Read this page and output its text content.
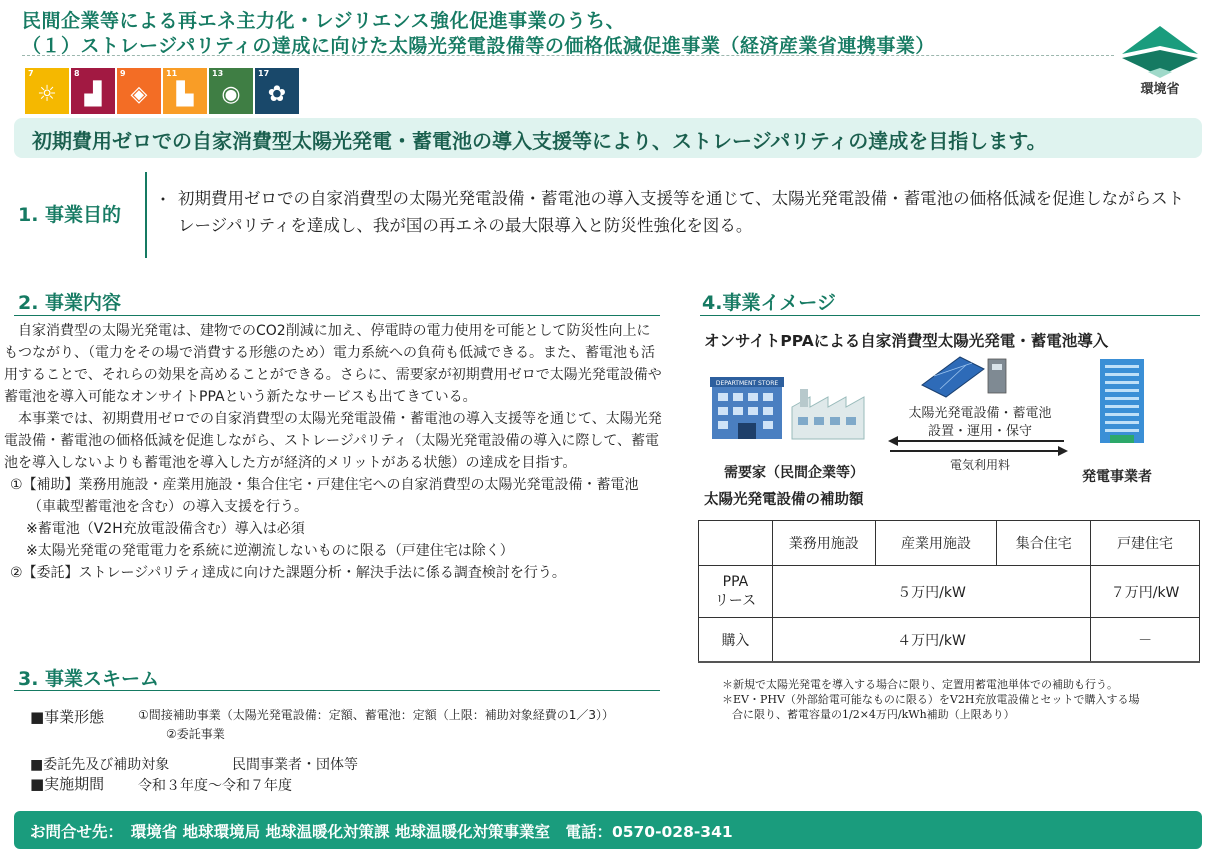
民間企業等による再エネ主力化・レジリエンス強化促進事業のうち、
（１）ストレージパリティの達成に向けた太陽光発電設備等の価格低減促進事業（経済産業省連携事業）
環境省
7
☼
8
▟
9
◈
11
▙
13
◉
17
✿
初期費用ゼロでの自家消費型太陽光発電・蓄電池の導入支援等により、ストレージパリティの達成を目指します。
1. 事業目的
・ 初期費用ゼロでの自家消費型の太陽光発電設備・蓄電池の導入支援等を通じて、太陽光発電設備・蓄電池の価格低減を促進しながらストレージパリティを達成し、我が国の再エネの最大限導入と防災性強化を図る。
2. 事業内容

自家消費型の太陽光発電は、建物でのCO2削減に加え、停電時の電力使用を可能として防災性向上にもつながり、（電力をその場で消費する形態のため）電力系統への負荷も低減できる。また、蓄電池も活用することで、それらの効果を高めることができる。さらに、需要家が初期費用ゼロで太陽光発電設備や蓄電池を導入可能なオンサイトPPAという新たなサービスも出てきている。

本事業では、初期費用ゼロでの自家消費型の太陽光発電設備・蓄電池の導入支援等を通じて、太陽光発電設備・蓄電池の価格低減を促進しながら、ストレージパリティ（太陽光発電設備の導入に際して、蓄電池を導入しないよりも蓄電池を導入した方が経済的メリットがある状態）の達成を目指す。

①【補助】業務用施設・産業用施設・集合住宅・戸建住宅への自家消費型の太陽光発電設備・蓄電池（車載型蓄電池を含む）の導入支援を行う。
※蓄電池（V2H充放電設備含む）導入は必須
※太陽光発電の発電電力を系統に逆潮流しないものに限る（戸建住宅は除く）
②【委託】ストレージパリティ達成に向けた課題分析・解決手法に係る調査検討を行う。
3. 事業スキーム
■事業形態	①間接補助事業（太陽光発電設備：定額、蓄電池：定額（上限：補助対象経費の1／3））
②委託事業
■委託先及び補助対象	民間事業者・団体等
■実施期間 令和３年度～令和７年度
4.事業イメージ
オンサイトPPAによる自家消費型太陽光発電・蓄電池導入
DEPARTMENT STORE
太陽光発電設備・蓄電池
設置・運用・保守
電気利用料
需要家（民間企業等）	発電事業者
太陽光発電設備の補助額
	業務用施設	産業用施設	集合住宅	戸建住宅

PPA
リース	５万円/kW			７万円/kW
購入	４万円/kW			－
＊新規で太陽光発電を導入する場合に限り、定置用蓄電池単体での補助も行う。
＊EV・PHV（外部給電可能なものに限る）をV2H充放電設備とセットで購入する場
合に限り、蓄電容量の1/2×4万円/kWh補助（上限あり）
お問合せ先：　環境省 地球環境局 地球温暖化対策課 地球温暖化対策事業室　電話：0570-028-341
